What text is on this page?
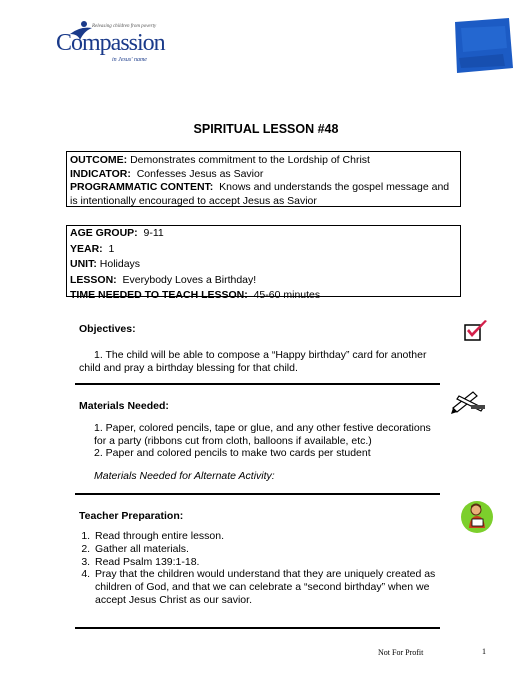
Releasing children from poverty
Compassion
in Jesus' name
SPIRITUAL LESSON #48
OUTCOME: Demonstrates commitment to the Lordship of Christ
INDICATOR: Confesses Jesus as Savior
PROGRAMMATIC CONTENT: Knows and understands the gospel message and
is intentionally encouraged to accept Jesus as Savior
AGE GROUP: 9-11
YEAR: 1
UNIT: Holidays
LESSON: Everybody Loves a Birthday!
TIME NEEDED TO TEACH LESSON: 45-60 minutes
Objectives:
1. The child will be able to compose a “Happy birthday” card for another
child and pray a birthday blessing for that child.
Materials Needed:
1. Paper, colored pencils, tape or glue, and any other festive decorations
for a party (ribbons cut from cloth, balloons if available, etc.)
2. Paper and colored pencils to make two cards per student
Materials Needed for Alternate Activity:
Teacher Preparation:
1. Read through entire lesson.
2. Gather all materials.
3. Read Psalm 139:1-18.
4. Pray that the children would understand that they are uniquely created as children of God, and that we can celebrate a “second birthday” when we accept Jesus Christ as our savior.
Not For Profit	1
